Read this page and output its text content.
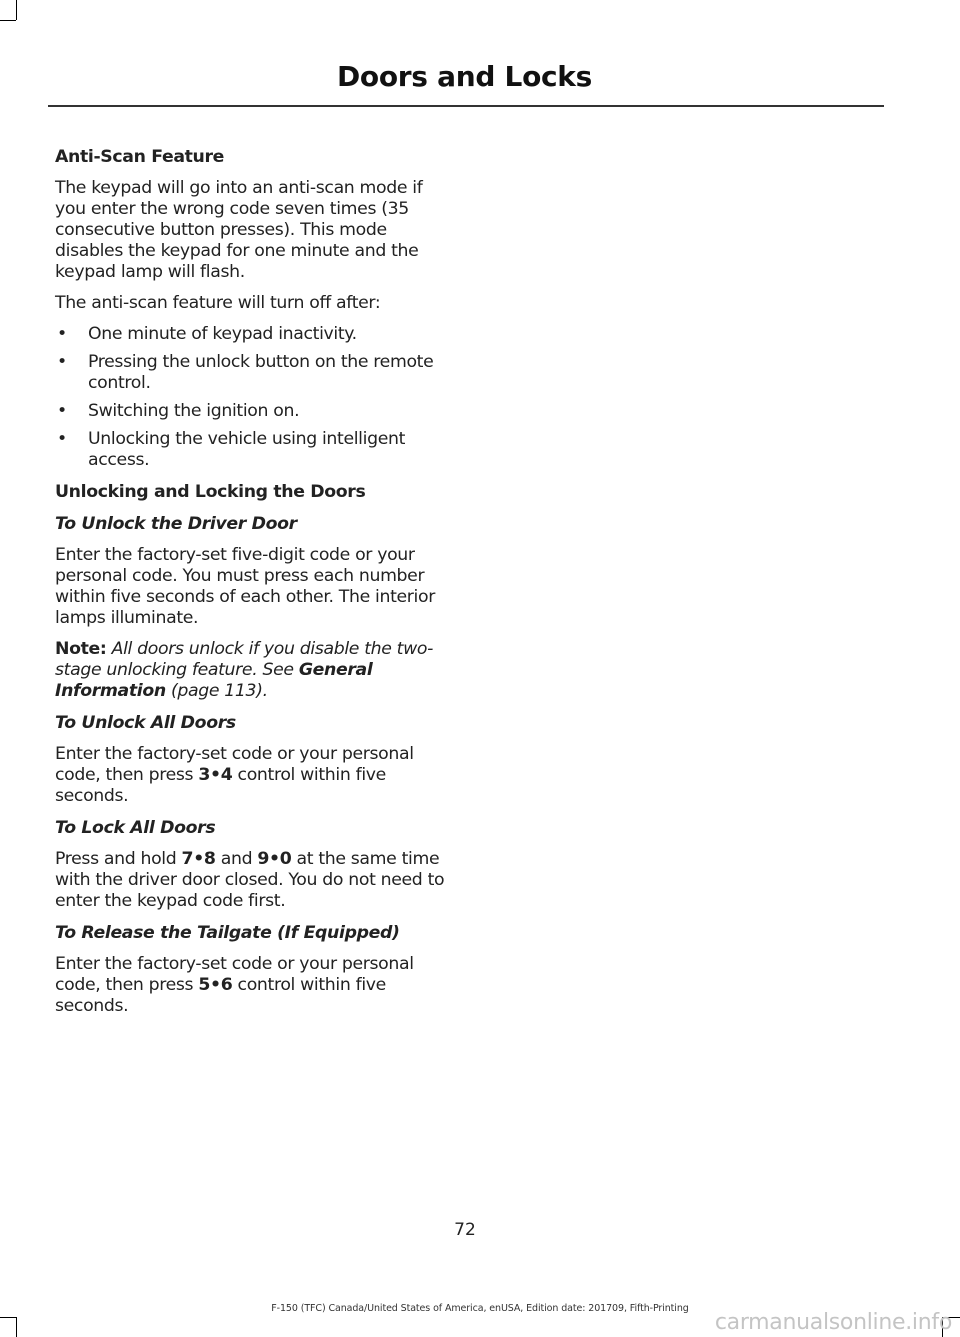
Doors and Locks
Anti-Scan Feature

The keypad will go into an anti-scan mode if you enter the wrong code seven times (35 consecutive button presses). This mode disables the keypad for one minute and the keypad lamp will flash.

The anti-scan feature will turn off after:

• One minute of keypad inactivity.
• Pressing the unlock button on the remote control.
• Switching the ignition on.
• Unlocking the vehicle using intelligent access.
Unlocking and Locking the Doors
To Unlock the Driver Door

Enter the factory-set five-digit code or your personal code. You must press each number within five seconds of each other. The interior lamps illuminate.

Note: All doors unlock if you disable the two-stage unlocking feature. See General Information (page 113).

To Unlock All Doors

Enter the factory-set code or your personal code, then press 3•4 control within five seconds.

To Lock All Doors

Press and hold 7•8 and 9•0 at the same time with the driver door closed. You do not need to enter the keypad code first.

To Release the Tailgate (If Equipped)

Enter the factory-set code or your personal code, then press 5•6 control within five seconds.

72
F-150 (TFC) Canada/United States of America, enUSA, Edition date: 201709, Fifth-Printing
carmanualsonline.info
